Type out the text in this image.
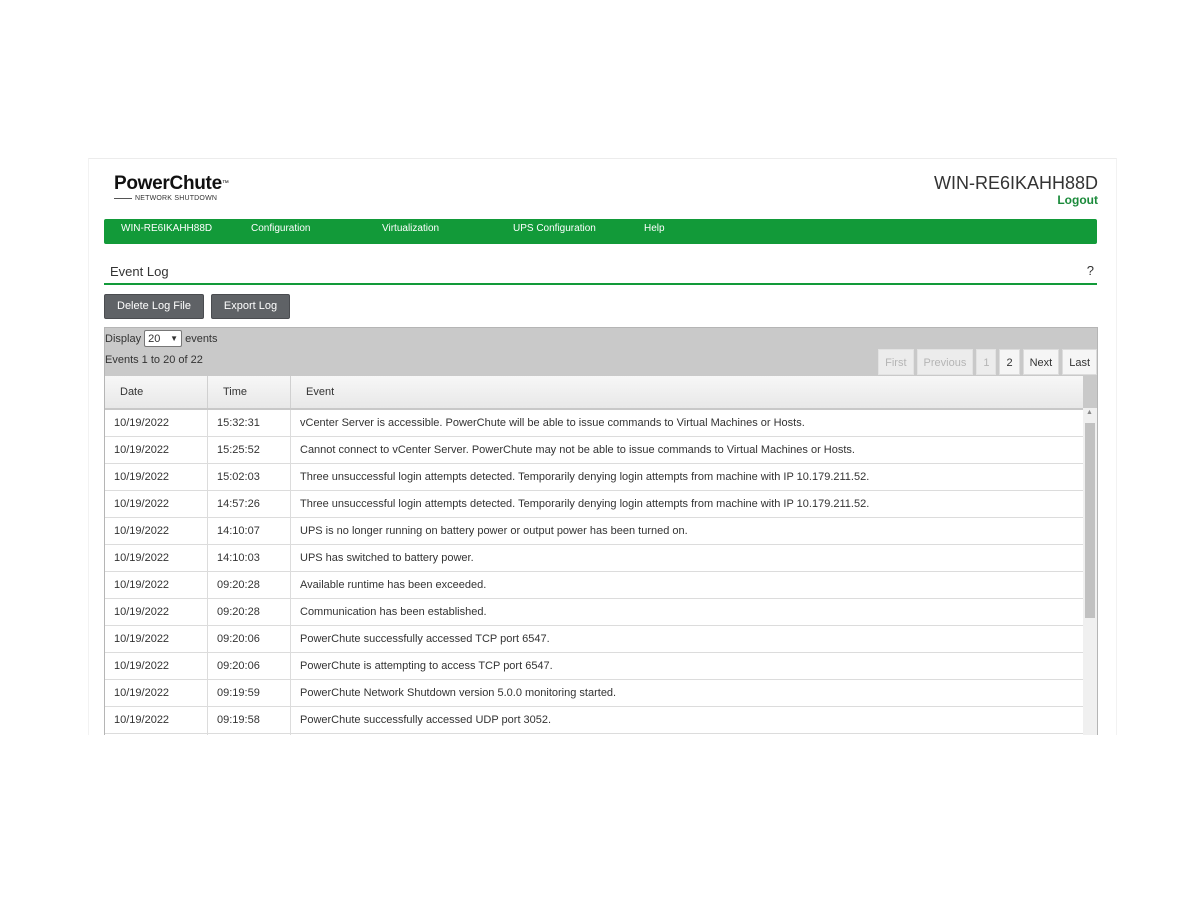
PowerChute™
NETWORK SHUTDOWN
WIN-RE6IKAHH88D
Logout
WIN-RE6IKAHH88D	Configuration	Virtualization	UPS Configuration	Help
Event Log	?
Delete Log File	Export Log
Display 20 ▼ events
Events 1 to 20 of 22	First	Previous	1	2	Next	Last
Date	Time	Event
10/19/2022	15:32:31	vCenter Server is accessible. PowerChute will be able to issue commands to Virtual Machines or Hosts.
10/19/2022	15:25:52	Cannot connect to vCenter Server. PowerChute may not be able to issue commands to Virtual Machines or Hosts.
10/19/2022	15:02:03	Three unsuccessful login attempts detected. Temporarily denying login attempts from machine with IP 10.179.211.52.
10/19/2022	14:57:26	Three unsuccessful login attempts detected. Temporarily denying login attempts from machine with IP 10.179.211.52.
10/19/2022	14:10:07	UPS is no longer running on battery power or output power has been turned on.
10/19/2022	14:10:03	UPS has switched to battery power.
10/19/2022	09:20:28	Available runtime has been exceeded.
10/19/2022	09:20:28	Communication has been established.
10/19/2022	09:20:06	PowerChute successfully accessed TCP port 6547.
10/19/2022	09:20:06	PowerChute is attempting to access TCP port 6547.
10/19/2022	09:19:59	PowerChute Network Shutdown version 5.0.0 monitoring started.
10/19/2022	09:19:58	PowerChute successfully accessed UDP port 3052.
▲
